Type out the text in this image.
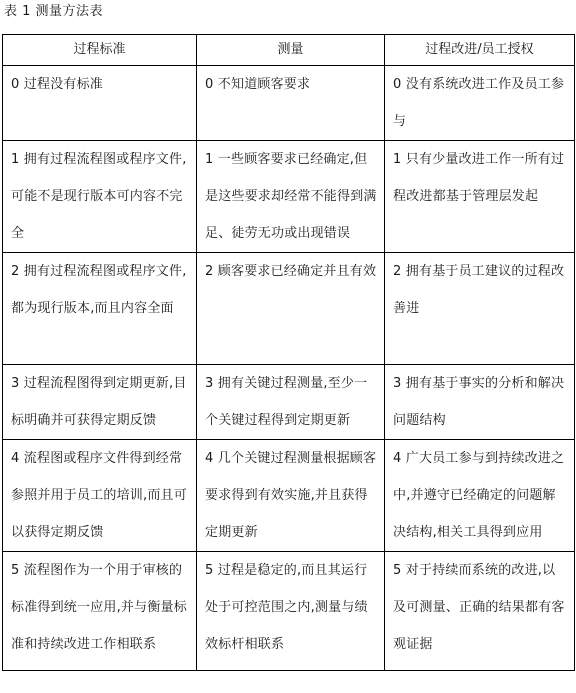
表 1 测量方法表
过程标准	测量	过程改进/员工授权
0 过程没有标准	0 不知道顾客要求	0 没有系统改进工作及员工参与
1 拥有过程流程图或程序文件,可能不是现行版本可内容不完全	1 一些顾客要求已经确定,但是这些要求却经常不能得到满足、徒劳无功或出现错误	1 只有少量改进工作一所有过程改进都基于管理层发起
2 拥有过程流程图或程序文件,都为现行版本,而且内容全面	2 顾客要求已经确定并且有效	2 拥有基于员工建议的过程改善进
3 过程流程图得到定期更新,目标明确并可获得定期反馈	3 拥有关键过程测量,至少一个关键过程得到定期更新	3 拥有基于事实的分析和解决问题结构
4 流程图或程序文件得到经常参照并用于员工的培训,而且可以获得定期反馈	4 几个关键过程测量根据顾客要求得到有效实施,并且获得定期更新	4 广大员工参与到持续改进之中,并遵守已经确定的问题解决结构,相关工具得到应用
5 流程图作为一个用于审核的标准得到统一应用,并与衡量标准和持续改进工作相联系	5 过程是稳定的,而且其运行处于可控范围之内,测量与绩效标杆相联系	5 对于持续而系统的改进,以及可测量、正确的结果都有客观证据
